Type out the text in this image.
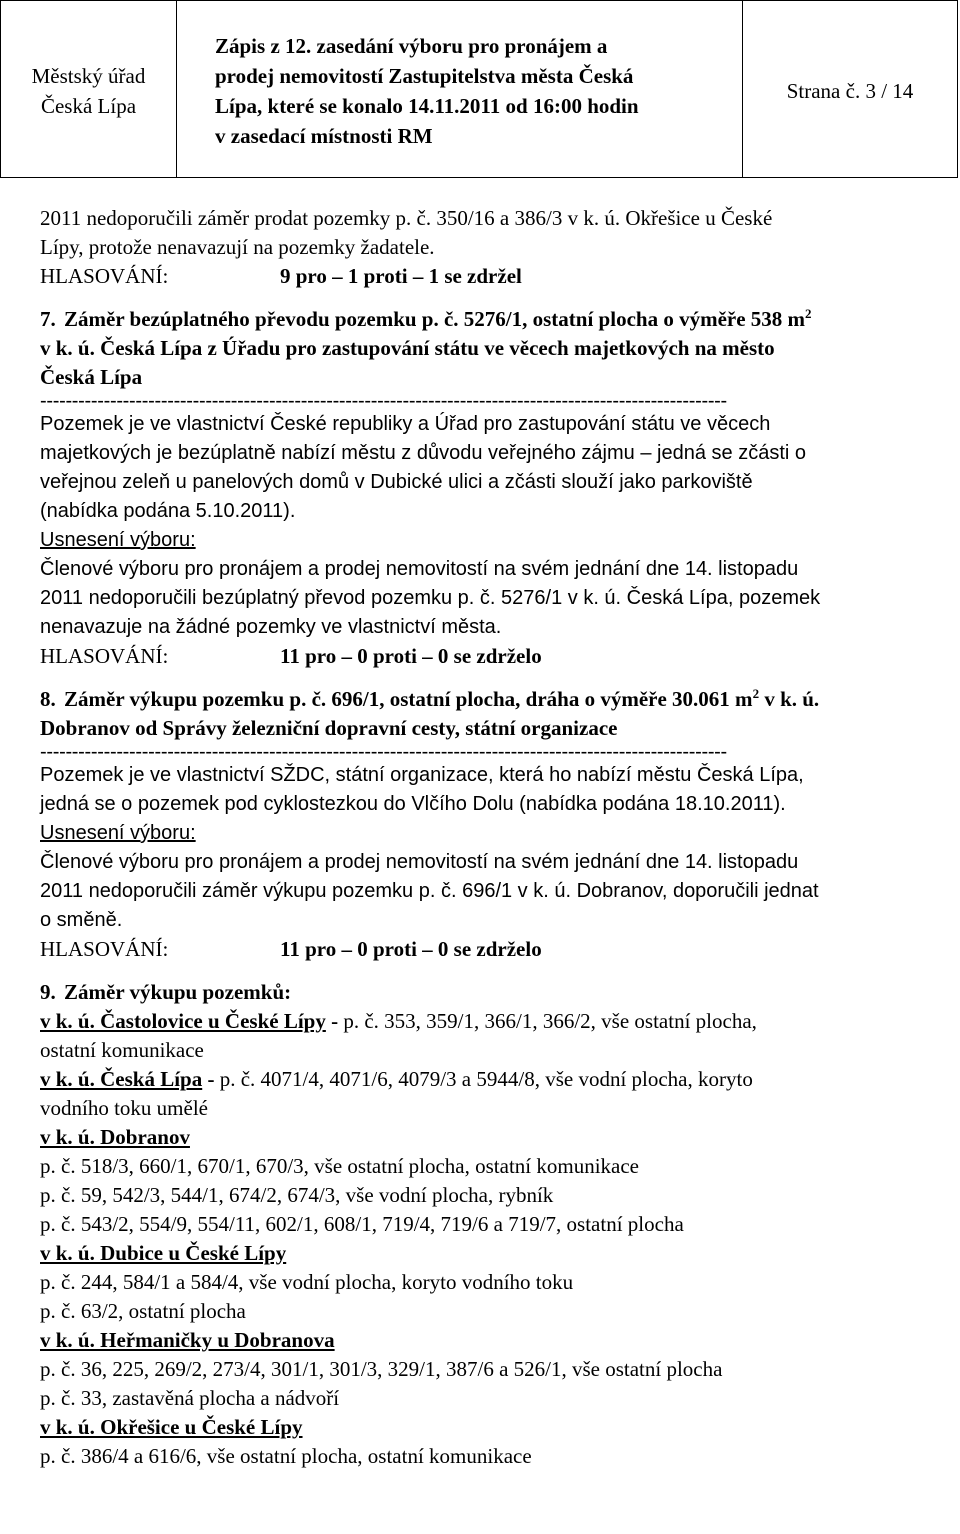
Městský úřad
Česká Lípa
Zápis z 12. zasedání výboru pro pronájem a
prodej nemovitostí Zastupitelstva města Česká
Lípa, které se konalo 14.11.2011 od 16:00 hodin
v zasedací místnosti RM
Strana č. 3 / 14
2011 nedoporučili záměr prodat pozemky p. č. 350/16 a 386/3 v k. ú. Okřešice u České
Lípy, protože nenavazují na pozemky žadatele.
HLASOVÁNÍ:	9 pro – 1 proti – 1 se zdržel
7. Záměr bezúplatného převodu pozemku p. č. 5276/1, ostatní plocha o výměře 538 $m^2$
v k. ú. Česká Lípa z Úřadu pro zastupování státu ve věcech majetkových na město
Česká Lípa
------------------------------------------------------------------------------------------------------------
Pozemek je ve vlastnictví České republiky a Úřad pro zastupování státu ve věcech
majetkových je bezúplatně nabízí městu z důvodu veřejného zájmu – jedná se zčásti o
veřejnou zeleň u panelových domů v Dubické ulici a zčásti slouží jako parkoviště
(nabídka podána 5.10.2011).
Usnesení výboru:
Členové výboru pro pronájem a prodej nemovitostí na svém jednání dne 14. listopadu
2011 nedoporučili bezúplatný převod pozemku p. č. 5276/1 v k. ú. Česká Lípa, pozemek
nenavazuje na žádné pozemky ve vlastnictví města.
HLASOVÁNÍ:	11 pro – 0 proti – 0 se zdrželo
8. Záměr výkupu pozemku p. č. 696/1, ostatní plocha, dráha o výměře 30.061 $m^2$ v k. ú.
Dobranov od Správy železniční dopravní cesty, státní organizace
------------------------------------------------------------------------------------------------------------
Pozemek je ve vlastnictví SŽDC, státní organizace, která ho nabízí městu Česká Lípa,
jedná se o pozemek pod cyklostezkou do Vlčího Dolu (nabídka podána 18.10.2011).
Usnesení výboru:
Členové výboru pro pronájem a prodej nemovitostí na svém jednání dne 14. listopadu
2011 nedoporučili záměr výkupu pozemku p. č. 696/1 v k. ú. Dobranov, doporučili jednat
o směně.
HLASOVÁNÍ:	11 pro – 0 proti – 0 se zdrželo
9. Záměr výkupu pozemků:
v k. ú. Častolovice u České Lípy - p. č. 353, 359/1, 366/1, 366/2, vše ostatní plocha,
ostatní komunikace
v k. ú. Česká Lípa - p. č. 4071/4, 4071/6, 4079/3 a 5944/8, vše vodní plocha, koryto
vodního toku umělé
v k. ú. Dobranov
p. č. 518/3, 660/1, 670/1, 670/3, vše ostatní plocha, ostatní komunikace
p. č. 59, 542/3, 544/1, 674/2, 674/3, vše vodní plocha, rybník
p. č. 543/2, 554/9, 554/11, 602/1, 608/1, 719/4, 719/6 a 719/7, ostatní plocha
v k. ú. Dubice u České Lípy
p. č. 244, 584/1 a 584/4, vše vodní plocha, koryto vodního toku
p. č. 63/2, ostatní plocha
v k. ú. Heřmaničky u Dobranova
p. č. 36, 225, 269/2, 273/4, 301/1, 301/3, 329/1, 387/6 a 526/1, vše ostatní plocha
p. č. 33, zastavěná plocha a nádvoří
v k. ú. Okřešice u České Lípy
p. č. 386/4 a 616/6, vše ostatní plocha, ostatní komunikace
